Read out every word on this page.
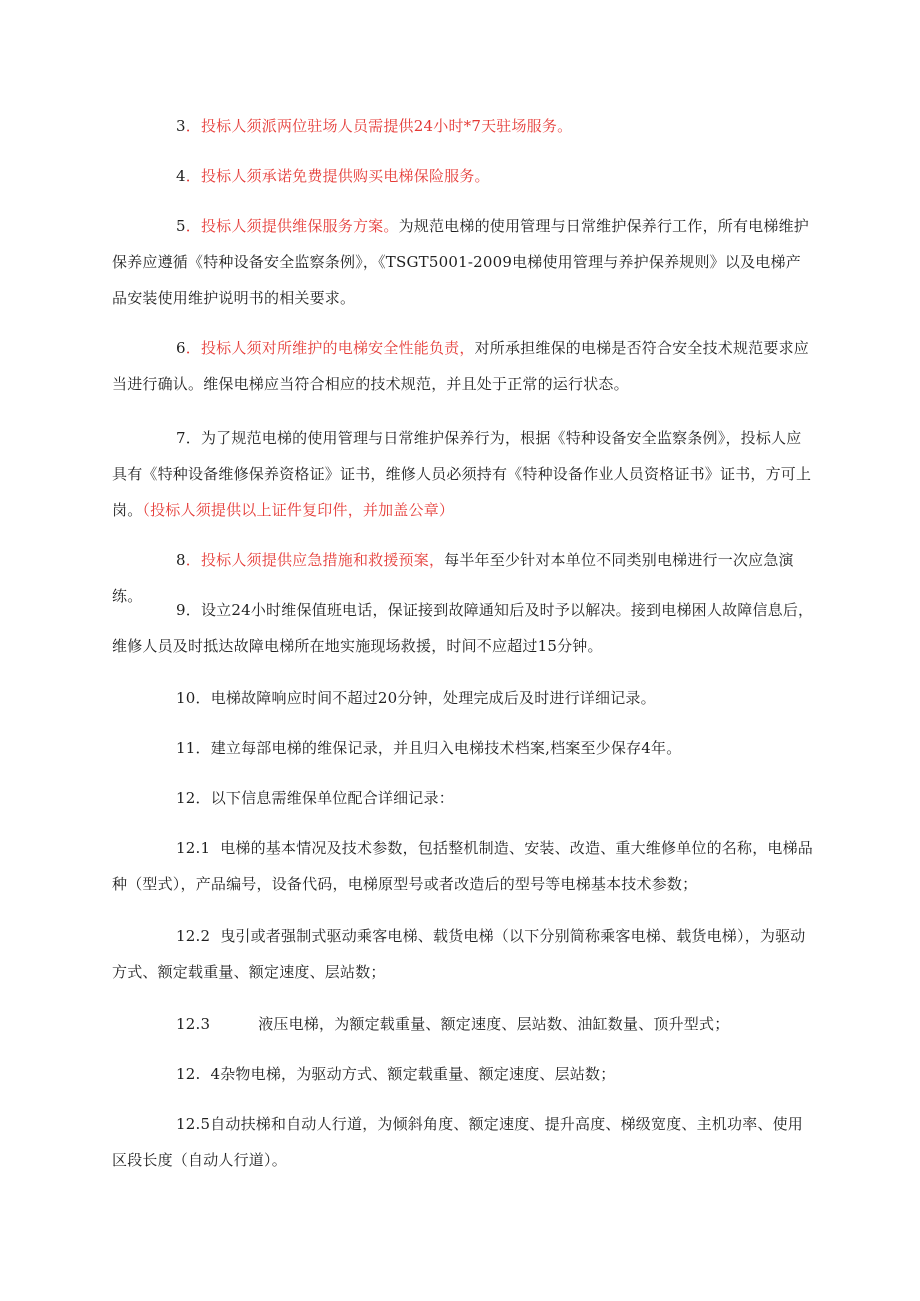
3．投标人须派两位驻场人员需提供24小时*7天驻场服务。

4．投标人须承诺免费提供购买电梯保险服务。

5．投标人须提供维保服务方案。为规范电梯的使用管理与日常维护保养行工作，所有电梯维护保养应遵循《特种设备安全监察条例》，《TSGT5001-2009电梯使用管理与养护保养规则》以及电梯产品安装使用维护说明书的相关要求。

6．投标人须对所维护的电梯安全性能负责，对所承担维保的电梯是否符合安全技术规范要求应当进行确认。维保电梯应当符合相应的技术规范，并且处于正常的运行状态。

7．为了规范电梯的使用管理与日常维护保养行为，根据《特种设备安全监察条例》，投标人应具有《特种设备维修保养资格证》证书，维修人员必须持有《特种设备作业人员资格证书》证书，方可上岗。（投标人须提供以上证件复印件，并加盖公章）

8．投标人须提供应急措施和救援预案，每半年至少针对本单位不同类别电梯进行一次应急演练。

9．设立24小时维保值班电话，保证接到故障通知后及时予以解决。接到电梯困人故障信息后，维修人员及时抵达故障电梯所在地实施现场救援，时间不应超过15分钟。

10．电梯故障响应时间不超过20分钟，处理完成后及时进行详细记录。

11．建立每部电梯的维保记录，并且归入电梯技术档案,档案至少保存4年。

12．以下信息需维保单位配合详细记录：

12.1 电梯的基本情况及技术参数，包括整机制造、安装、改造、重大维修单位的名称，电梯品种（型式），产品编号，设备代码，电梯原型号或者改造后的型号等电梯基本技术参数；

12.2 曳引或者强制式驱动乘客电梯、载货电梯（以下分别简称乘客电梯、载货电梯），为驱动方式、额定载重量、额定速度、层站数；

12.3	液压电梯，为额定载重量、额定速度、层站数、油缸数量、顶升型式；

12. 4杂物电梯，为驱动方式、额定载重量、额定速度、层站数；

12.5自动扶梯和自动人行道，为倾斜角度、额定速度、提升高度、梯级宽度、主机功率、使用区段长度（自动人行道）。
